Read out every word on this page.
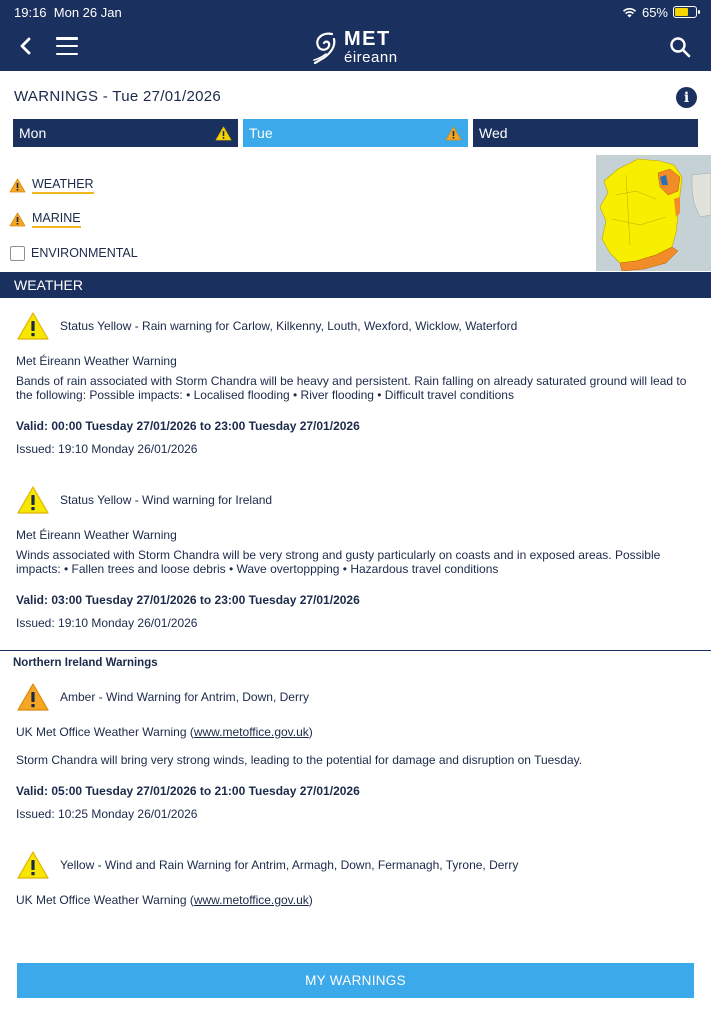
19:16 Mon 26 Jan	65%
MET
éireann
WARNINGS - Tue 27/01/2026	i
Mon	Tue	Wed
WEATHER
MARINE
ENVIRONMENTAL
WEATHER
Status Yellow - Rain warning for Carlow, Kilkenny, Louth, Wexford, Wicklow, Waterford
Met Éireann Weather Warning
Bands of rain associated with Storm Chandra will be heavy and persistent. Rain falling on already saturated ground will lead to the following: Possible impacts: • Localised flooding • River flooding • Difficult travel conditions
Valid: 00:00 Tuesday 27/01/2026 to 23:00 Tuesday 27/01/2026
Issued: 19:10 Monday 26/01/2026
Status Yellow - Wind warning for Ireland
Met Éireann Weather Warning
Winds associated with Storm Chandra will be very strong and gusty particularly on coasts and in exposed areas. Possible impacts: • Fallen trees and loose debris • Wave overtoppping • Hazardous travel conditions
Valid: 03:00 Tuesday 27/01/2026 to 23:00 Tuesday 27/01/2026
Issued: 19:10 Monday 26/01/2026
Northern Ireland Warnings
Amber - Wind Warning for Antrim, Down, Derry
UK Met Office Weather Warning (www.metoffice.gov.uk)
Storm Chandra will bring very strong winds, leading to the potential for damage and disruption on Tuesday.
Valid: 05:00 Tuesday 27/01/2026 to 21:00 Tuesday 27/01/2026
Issued: 10:25 Monday 26/01/2026
Yellow - Wind and Rain Warning for Antrim, Armagh, Down, Fermanagh, Tyrone, Derry
UK Met Office Weather Warning (www.metoffice.gov.uk)
MY WARNINGS
